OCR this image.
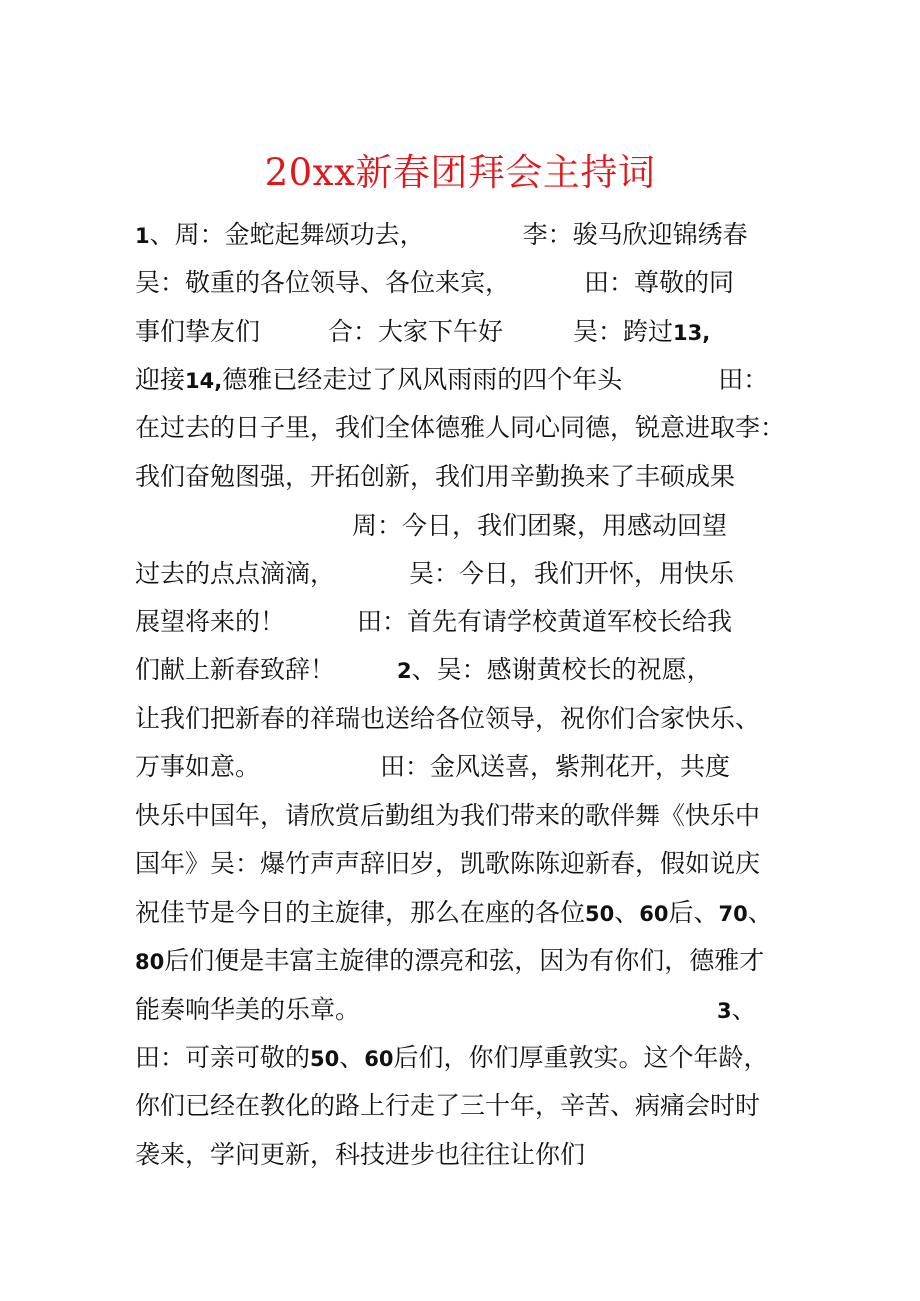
20xx新春团拜会主持词
1、周：金蛇起舞颂功去，	李：骏马欣迎锦绣春
吴：敬重的各位领导、各位来宾，	田：尊敬的同
事们挚友们	合：大家下午好	吴：跨过13,
迎接14,德雅已经走过了风风雨雨的四个年头	田：
在过去的日子里，我们全体德雅人同心同德，锐意进取李：
我们奋勉图强，开拓创新，我们用辛勤换来了丰硕成果
周：今日，我们团聚，用感动回望
过去的点点滴滴，	吴：今日，我们开怀，用快乐
展望将来的！	田：首先有请学校黄道军校长给我
们献上新春致辞！	2、吴：感谢黄校长的祝愿，
让我们把新春的祥瑞也送给各位领导，祝你们合家快乐、
万事如意。	田：金风送喜，紫荆花开，共度
快乐中国年，请欣赏后勤组为我们带来的歌伴舞《快乐中
国年》吴：爆竹声声辞旧岁，凯歌陈陈迎新春，假如说庆
祝佳节是今日的主旋律，那么在座的各位50、60后、70、
80后们便是丰富主旋律的漂亮和弦，因为有你们，德雅才
能奏响华美的乐章。	3、
田：可亲可敬的50、60后们，你们厚重敦实。这个年龄，
你们已经在教化的路上行走了三十年，辛苦、病痛会时时
袭来，学问更新，科技进步也往往让你们
